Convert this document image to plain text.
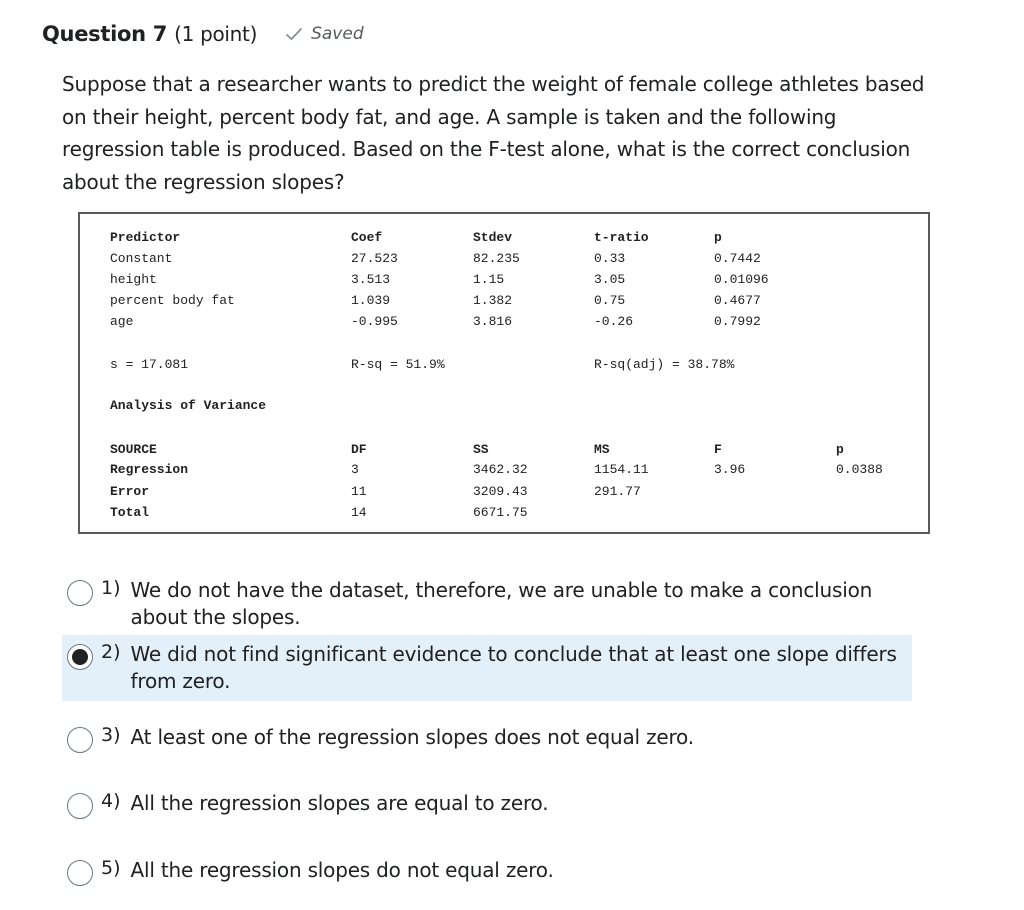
Question 7 (1 point)	Saved
Suppose that a researcher wants to predict the weight of female college athletes based on their height, percent body fat, and age. A sample is taken and the following regression table is produced. Based on the F-test alone, what is the correct conclusion about the regression slopes?
Predictor	Coef	Stdev	t-ratio	p
Constant	27.523	82.235	0.33	0.7442
height	3.513	1.15	3.05	0.01096
percent body fat	1.039	1.382	0.75	0.4677
age	-0.995	3.816	-0.26	0.7992
s = 17.081	R-sq = 51.9%	R-sq(adj) = 38.78%
Analysis of Variance
SOURCE	DF	SS	MS	F	p
Regression	3	3462.32	1154.11	3.96	0.0388
Error	11	3209.43	291.77
Total	14	6671.75
1) We do not have the dataset, therefore, we are unable to make a conclusion about the slopes.
2) We did not find significant evidence to conclude that at least one slope differs from zero.
3) At least one of the regression slopes does not equal zero.
4) All the regression slopes are equal to zero.
5) All the regression slopes do not equal zero.
